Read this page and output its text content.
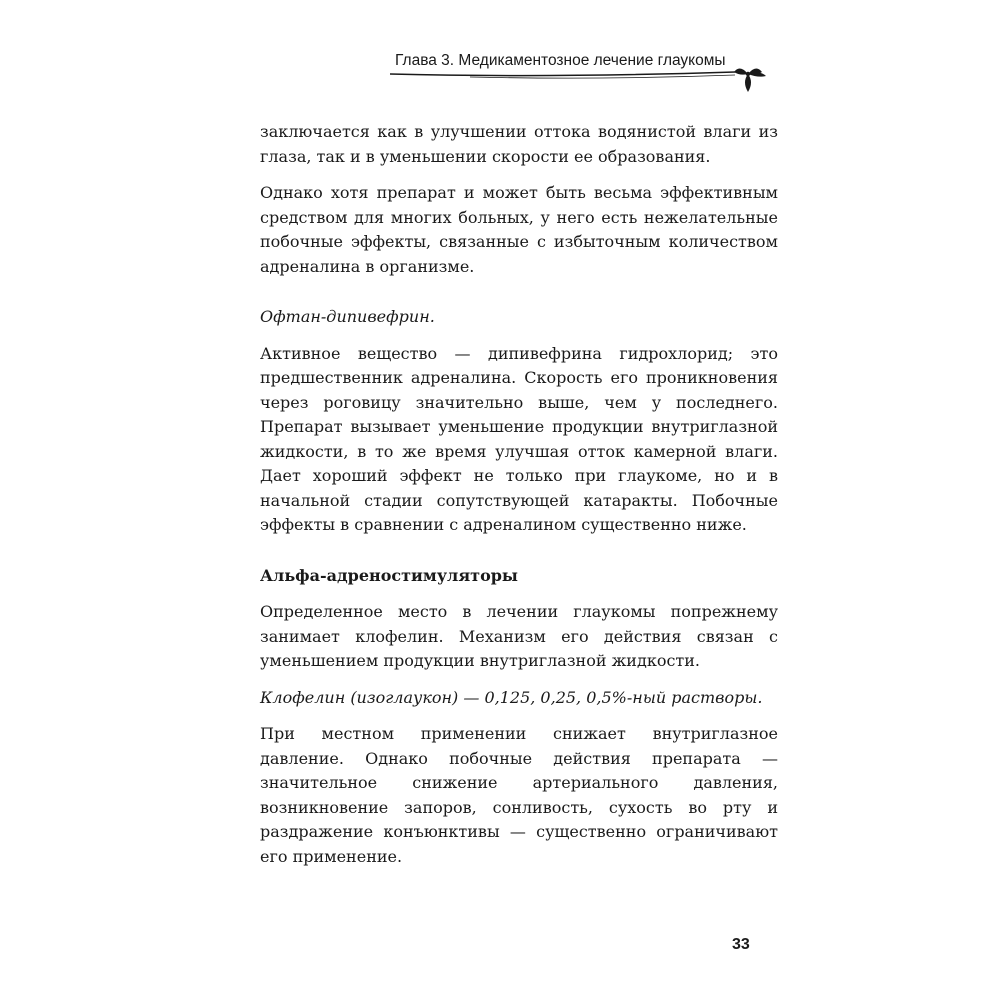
Глава 3. Медикаментозное лечение глаукомы

заключается как в улучшении оттока водянистой влаги из глаза, так и в уменьшении скорости ее образования.

Однако хотя препарат и может быть весьма эффективным средством для многих больных, у него есть нежелательные побочные эффекты, связанные с избыточным количеством адреналина в организме.

Офтан-дипивефрин.

Активное вещество — дипивефрина гидрохлорид; это предшественник адреналина. Скорость его проникновения через роговицу значительно выше, чем у последнего. Препарат вызывает уменьшение продукции внутриглазной жидкости, в то же время улучшая отток камерной влаги. Дает хороший эффект не только при глаукоме, но и в начальной стадии сопутствующей катаракты. Побочные эффекты в сравнении с адреналином существенно ниже.

Альфа-адреностимуляторы

Определенное место в лечении глаукомы попрежнему занимает клофелин. Механизм его действия связан с уменьшением продукции внутриглазной жидкости.

Клофелин (изоглаукон) — 0,125, 0,25, 0,5%-ный растворы.

При местном применении снижает внутриглазное давление. Однако побочные действия препарата — значительное снижение артериального давления, возникновение запоров, сонливость, сухость во рту и раздражение конъюнктивы — существенно ограничивают его применение.

33
